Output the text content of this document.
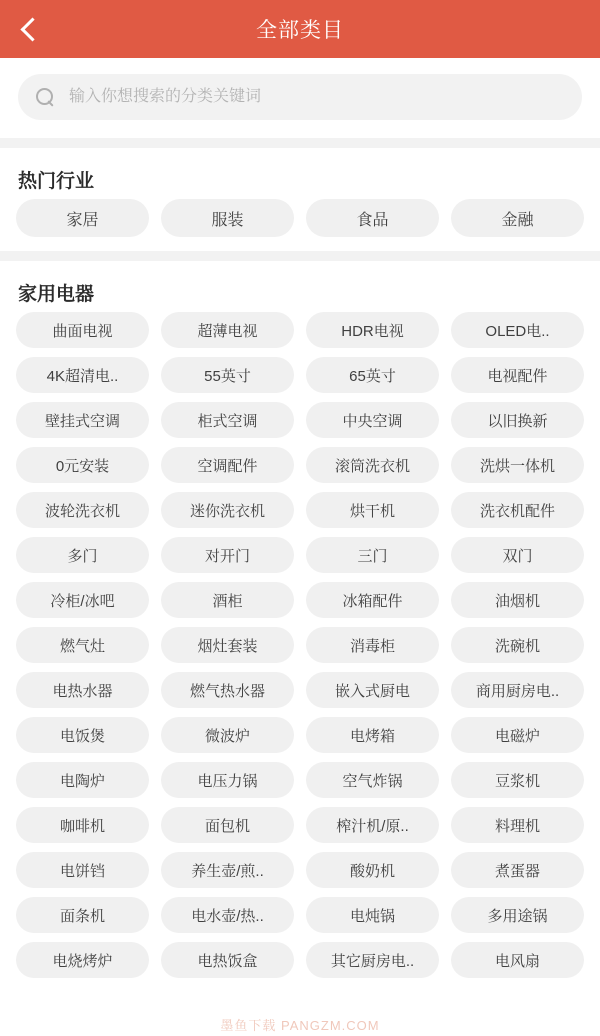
全部类目
输入你想搜索的分类关键词
热门行业
家居	服装	食品	金融
家用电器
曲面电视	超薄电视	HDR电视	OLED电..
4K超清电..	55英寸	65英寸	电视配件
壁挂式空调	柜式空调	中央空调	以旧换新
0元安装	空调配件	滚筒洗衣机	洗烘一体机
波轮洗衣机	迷你洗衣机	烘干机	洗衣机配件
多门	对开门	三门	双门
冷柜/冰吧	酒柜	冰箱配件	油烟机
燃气灶	烟灶套装	消毒柜	洗碗机
电热水器	燃气热水器	嵌入式厨电	商用厨房电..
电饭煲	微波炉	电烤箱	电磁炉
电陶炉	电压力锅	空气炸锅	豆浆机
咖啡机	面包机	榨汁机/原..	料理机
电饼铛	养生壶/煎..	酸奶机	煮蛋器
面条机	电水壶/热..	电炖锅	多用途锅
电烧烤炉	电热饭盒	其它厨房电..	电风扇
墨鱼下载 PANGZM.COM
